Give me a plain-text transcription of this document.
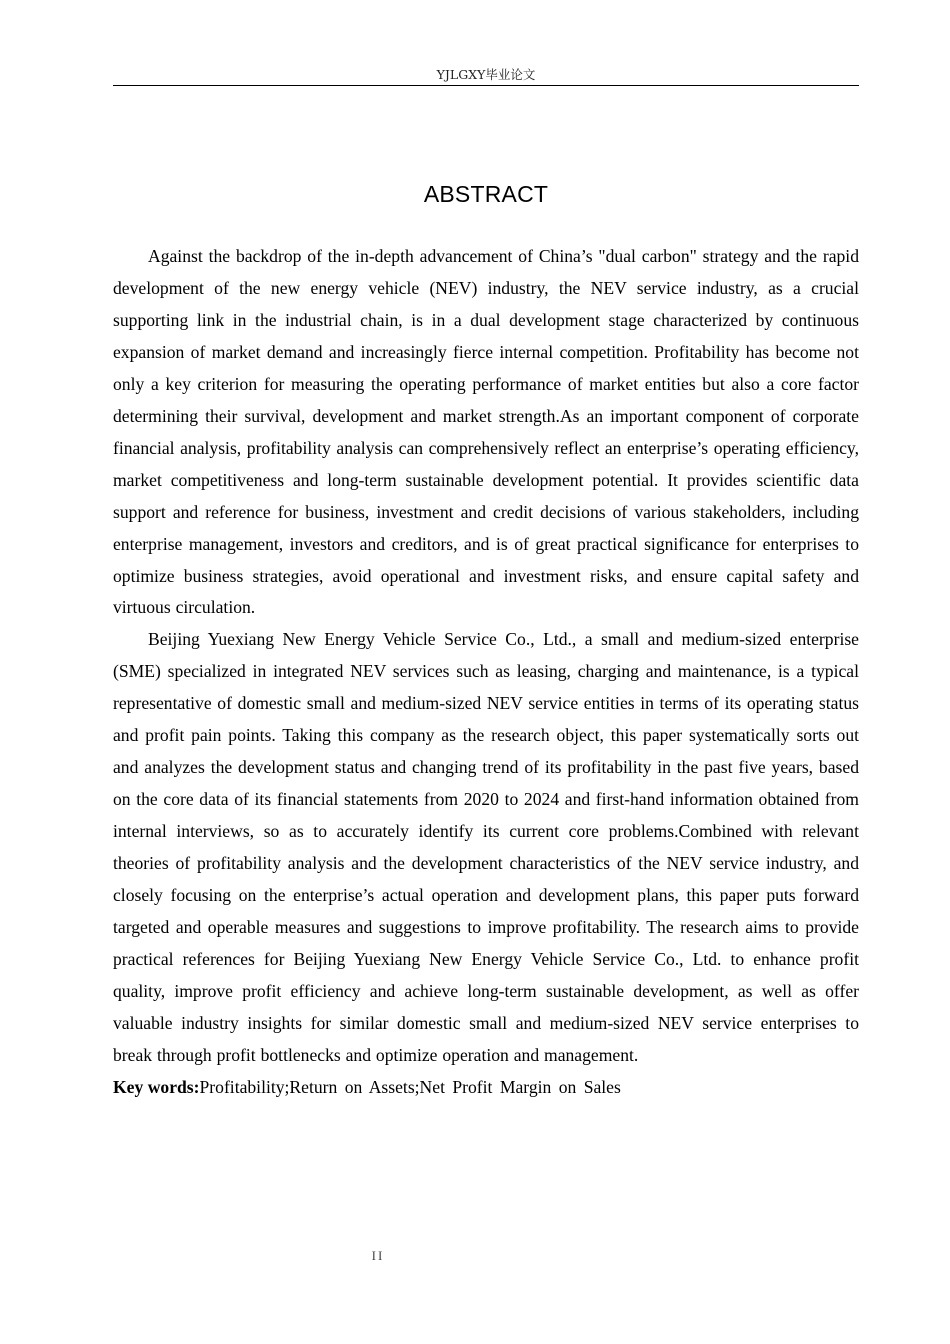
YJLGXY毕业论文
ABSTRACT

Against the backdrop of the in-depth advancement of China’s "dual carbon" strategy and the rapid development of the new energy vehicle (NEV) industry, the NEV service industry, as a crucial supporting link in the industrial chain, is in a dual development stage characterized by continuous expansion of market demand and increasingly fierce internal competition. Profitability has become not only a key criterion for measuring the operating performance of market entities but also a core factor determining their survival, development and market strength.As an important component of corporate financial analysis, profitability analysis can comprehensively reflect an enterprise’s operating efficiency, market competitiveness and long-term sustainable development potential. It provides scientific data support and reference for business, investment and credit decisions of various stakeholders, including enterprise management, investors and creditors, and is of great practical significance for enterprises to optimize business strategies, avoid operational and investment risks, and ensure capital safety and virtuous circulation.

Beijing Yuexiang New Energy Vehicle Service Co., Ltd., a small and medium-sized enterprise (SME) specialized in integrated NEV services such as leasing, charging and maintenance, is a typical representative of domestic small and medium-sized NEV service entities in terms of its operating status and profit pain points. Taking this company as the research object, this paper systematically sorts out and analyzes the development status and changing trend of its profitability in the past five years, based on the core data of its financial statements from 2020 to 2024 and first-hand information obtained from internal interviews, so as to accurately identify its current core problems.Combined with relevant theories of profitability analysis and the development characteristics of the NEV service industry, and closely focusing on the enterprise’s actual operation and development plans, this paper puts forward targeted and operable measures and suggestions to improve profitability. The research aims to provide practical references for Beijing Yuexiang New Energy Vehicle Service Co., Ltd. to enhance profit quality, improve profit efficiency and achieve long-term sustainable development, as well as offer valuable industry insights for similar domestic small and medium-sized NEV service enterprises to break through profit bottlenecks and optimize operation and management.

Key words:Profitability;Return on Assets;Net Profit Margin on Sales

II
